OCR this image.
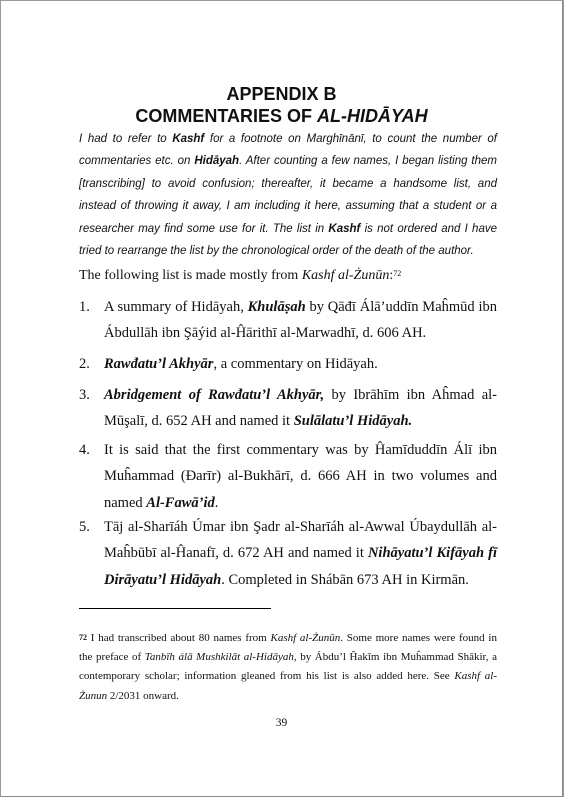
APPENDIX B
COMMENTARIES OF AL-HIDĀYAH
I had to refer to Kashf for a footnote on Marghīnānī, to count the number of commentaries etc. on Hidāyah. After counting a few names, I began listing them [transcribing] to avoid confusion; thereafter, it became a handsome list, and instead of throwing it away, I am including it here, assuming that a student or a researcher may find some use for it. The list in Kashf is not ordered and I have tried to rearrange the list by the chronological order of the death of the author.
The following list is made mostly from Kashf al-Żunūn:$^{72}$
1. A summary of Hidāyah, Khulāṣah by Qāđī Álā’uddīn Maĥmūd ibn Ábdullāh ibn Şāýid al-Ĥārithī al-Marwadhī, d. 606 AH.
2. Rawđatu’l Akhyār, a commentary on Hidāyah.
3. Abridgement of Rawđatu’l Akhyār, by Ibrāhīm ibn Aĥmad al-Mūşalī, d. 652 AH and named it Sulālatu’l Hidāyah.
4. It is said that the first commentary was by Ĥamīduddīn Álī ibn Muĥammad (Đarīr) al-Bukhārī, d. 666 AH in two volumes and named Al-Fawā’id.
5. Tāj al-Sharīáh Úmar ibn Şadr al-Sharīáh al-Awwal Úbaydullāh al-Maĥbūbī al-Ĥanafī, d. 672 AH and named it Nihāyatu’l Kifāyah fī Dirāyatu’l Hidāyah. Completed in Shábān 673 AH in Kirmān.
$^{72}$ I had transcribed about 80 names from Kashf al-Żunūn. Some more names were found in the preface of Tanbīh álā Mushkilāt al-Hidāyah, by Ábdu’l Ĥakīm ibn Muĥammad Shākir, a contemporary scholar; information gleaned from his list is also added here. See Kashf al-Żunun 2/2031 onward.
39
